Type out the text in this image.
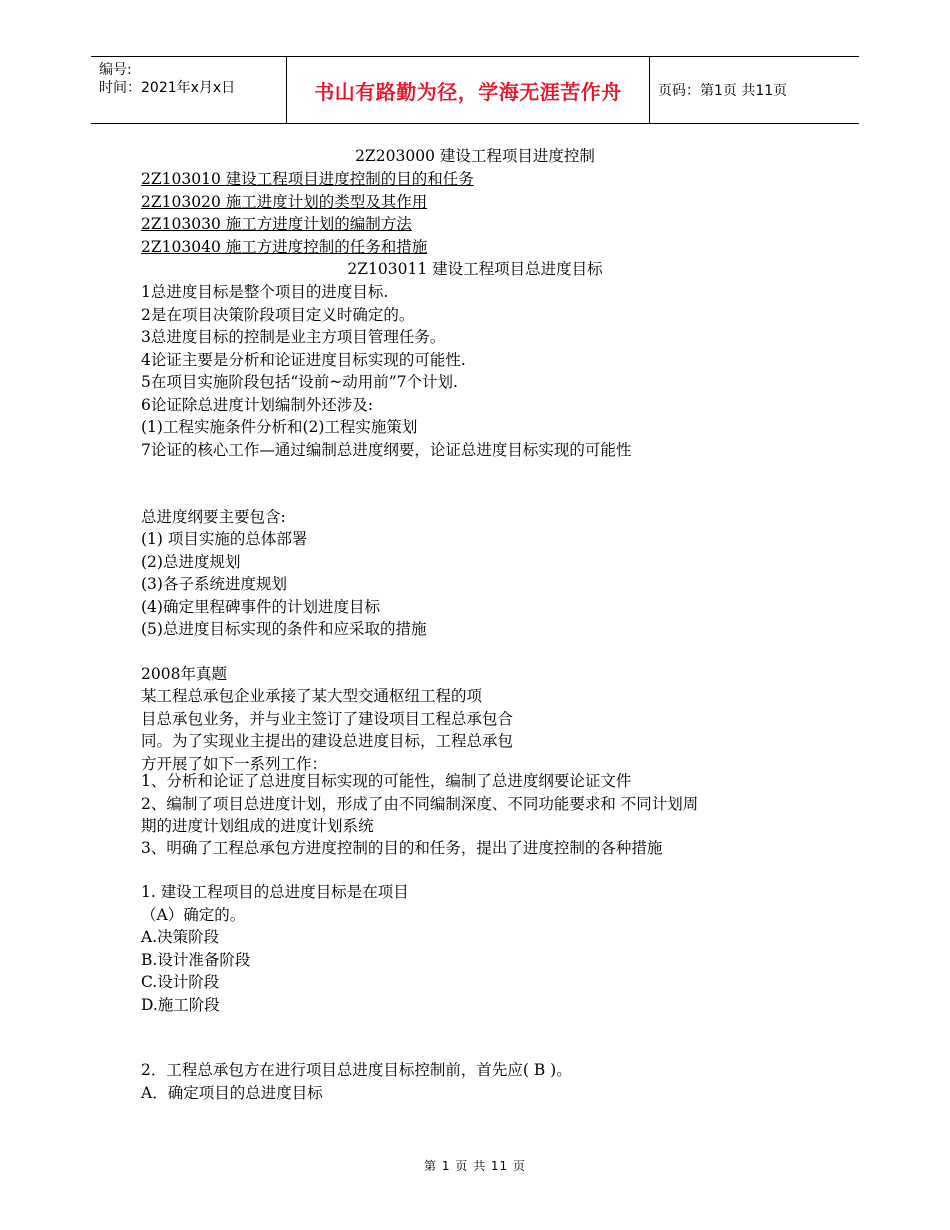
编号:
时间：2021年x月x日	书山有路勤为径，学海无涯苦作舟	页码：第1页 共11页
2Z203000 建设工程项目进度控制
2Z103010 建设工程项目进度控制的目的和任务
2Z103020 施工进度计划的类型及其作用
2Z103030 施工方进度计划的编制方法
2Z103040 施工方进度控制的任务和措施
2Z103011 建设工程项目总进度目标
1总进度目标是整个项目的进度目标.
2是在项目决策阶段项目定义时确定的。
3总进度目标的控制是业主方项目管理任务。
4论证主要是分析和论证进度目标实现的可能性.
5在项目实施阶段包括“设前~动用前”7个计划.
6论证除总进度计划编制外还涉及:
(1)工程实施条件分析和(2)工程实施策划
7论证的核心工作—通过编制总进度纲要，论证总进度目标实现的可能性
总进度纲要主要包含:
(1) 项目实施的总体部署
(2)总进度规划
(3)各子系统进度规划
(4)确定里程碑事件的计划进度目标
(5)总进度目标实现的条件和应采取的措施
2008年真题
某工程总承包企业承接了某大型交通枢纽工程的项
目总承包业务，并与业主签订了建设项目工程总承包合
同。为了实现业主提出的建设总进度目标，工程总承包
方开展了如下一系列工作：
1、分析和论证了总进度目标实现的可能性，编制了总进度纲要论证文件
2、编制了项目总进度计划，形成了由不同编制深度、不同功能要求和 不同计划周
期的进度计划组成的进度计划系统
3、明确了工程总承包方进度控制的目的和任务，提出了进度控制的各种措施
1. 建设工程项目的总进度目标是在项目
（A）确定的。
A.决策阶段
B.设计准备阶段
C.设计阶段
D.施工阶段
2．工程总承包方在进行项目总进度目标控制前，首先应( B )。
A．确定项目的总进度目标
第 1 页 共 11 页
